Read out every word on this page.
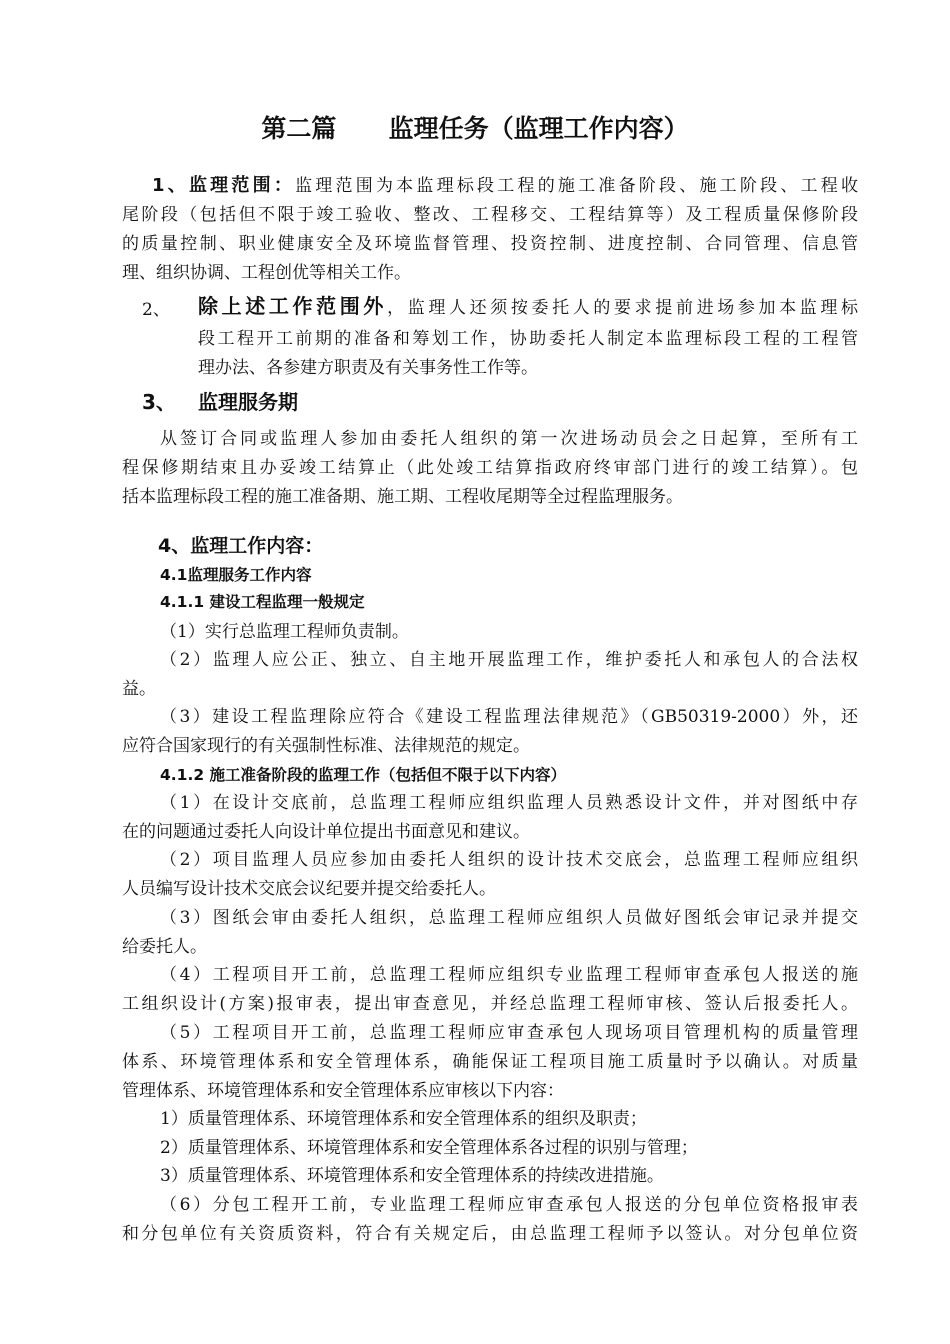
第二篇      监理任务（监理工作内容）
1、监理范围：监理范围为本监理标段工程的施工准备阶段、施工阶段、工程收
尾阶段（包括但不限于竣工验收、整改、工程移交、工程结算等）及工程质量保修阶段
的质量控制、职业健康安全及环境监督管理、投资控制、进度控制、合同管理、信息管
理、组织协调、工程创优等相关工作。
2、 除上述工作范围外，监理人还须按委托人的要求提前进场参加本监理标
段工程开工前期的准备和筹划工作，协助委托人制定本监理标段工程的工程管
理办法、各参建方职责及有关事务性工作等。
3、 监理服务期
从签订合同或监理人参加由委托人组织的第一次进场动员会之日起算，至所有工
程保修期结束且办妥竣工结算止（此处竣工结算指政府终审部门进行的竣工结算）。包
括本监理标段工程的施工准备期、施工期、工程收尾期等全过程监理服务。
4、监理工作内容：
4.1监理服务工作内容
4.1.1 建设工程监理一般规定
（1）实行总监理工程师负责制。
（2）监理人应公正、独立、自主地开展监理工作，维护委托人和承包人的合法权
益。
（3）建设工程监理除应符合《建设工程监理法律规范》（GB50319-2000）外，还
应符合国家现行的有关强制性标准、法律规范的规定。
4.1.2 施工准备阶段的监理工作（包括但不限于以下内容）
（1）在设计交底前，总监理工程师应组织监理人员熟悉设计文件，并对图纸中存
在的问题通过委托人向设计单位提出书面意见和建议。
（2）项目监理人员应参加由委托人组织的设计技术交底会，总监理工程师应组织
人员编写设计技术交底会议纪要并提交给委托人。
（3）图纸会审由委托人组织，总监理工程师应组织人员做好图纸会审记录并提交
给委托人。
（4）工程项目开工前，总监理工程师应组织专业监理工程师审查承包人报送的施
工组织设计(方案)报审表，提出审查意见，并经总监理工程师审核、签认后报委托人。
（5）工程项目开工前，总监理工程师应审查承包人现场项目管理机构的质量管理
体系、环境管理体系和安全管理体系，确能保证工程项目施工质量时予以确认。对质量
管理体系、环境管理体系和安全管理体系应审核以下内容：
1）质量管理体系、环境管理体系和安全管理体系的组织及职责；
2）质量管理体系、环境管理体系和安全管理体系各过程的识别与管理；
3）质量管理体系、环境管理体系和安全管理体系的持续改进措施。
（6）分包工程开工前，专业监理工程师应审查承包人报送的分包单位资格报审表
和分包单位有关资质资料，符合有关规定后，由总监理工程师予以签认。对分包单位资
